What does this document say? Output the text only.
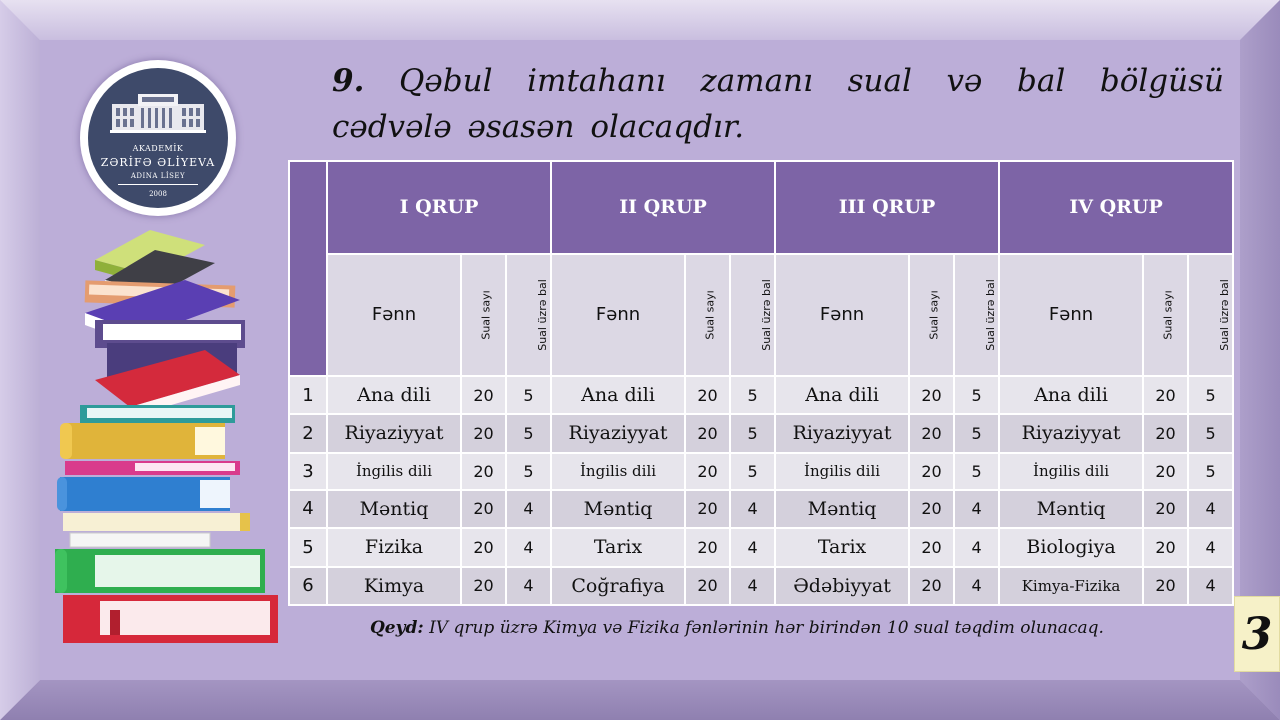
AKADEMİK
ZƏRİFƏ ƏLİYEVA
ADINA LİSEY
2008
9. Qəbul imtahanı zamanı sual və bal bölgüsü cədvələ əsasən olacaqdır.
	I QRUP			II QRUP			III QRUP			IV QRUP		
	Fənn	Sual sayı	Sual üzrə bal	Fənn	Sual sayı	Sual üzrə bal	Fənn	Sual sayı	Sual üzrə bal	Fənn	Sual sayı	Sual üzrə bal
1	Ana dili	20	5	Ana dili	20	5	Ana dili	20	5	Ana dili	20	5
2	Riyaziyyat	20	5	Riyaziyyat	20	5	Riyaziyyat	20	5	Riyaziyyat	20	5
3	İngilis dili	20	5	İngilis dili	20	5	İngilis dili	20	5	İngilis dili	20	5
4	Məntiq	20	4	Məntiq	20	4	Məntiq	20	4	Məntiq	20	4
5	Fizika	20	4	Tarix	20	4	Tarix	20	4	Biologiya	20	4
6	Kimya	20	4	Coğrafiya	20	4	Ədəbiyyat	20	4	Kimya-Fizika	20	4
Qeyd: IV qrup üzrə Kimya və Fizika fənlərinin hər birindən 10 sual təqdim olunacaq.	3
